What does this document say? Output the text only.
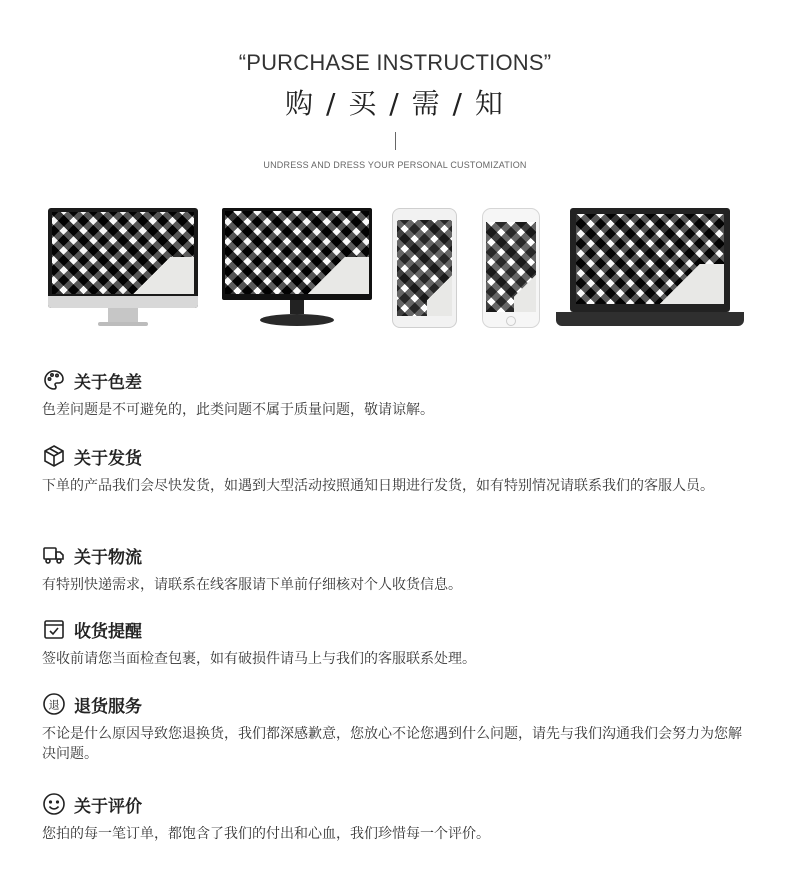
“PURCHASE INSTRUCTIONS”
购 / 买 / 需 / 知
UNDRESS AND DRESS YOUR PERSONAL CUSTOMIZATION
关于色差
色差问题是不可避免的，此类问题不属于质量问题，敬请谅解。
关于发货
下单的产品我们会尽快发货，如遇到大型活动按照通知日期进行发货，如有特别情况请联系我们的客服人员。
关于物流
有特别快递需求，请联系在线客服请下单前仔细核对个人收货信息。
收货提醒
签收前请您当面检查包裹，如有破损件请马上与我们的客服联系处理。
退 退货服务
不论是什么原因导致您退换货，我们都深感歉意，您放心不论您遇到什么问题，请先与我们沟通我们会努力为您解决问题。
关于评价
您拍的每一笔订单，都饱含了我们的付出和心血，我们珍惜每一个评价。
